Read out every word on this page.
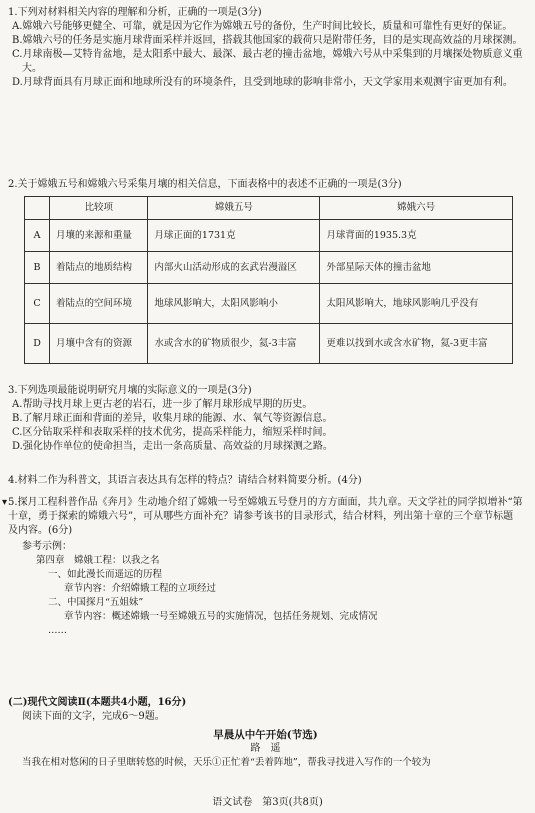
1.下列对材料相关内容的理解和分析，正确的一项是(3分)

A.嫦娥六号能够更健全、可靠，就是因为它作为嫦娥五号的备份，生产时间比较长，质量和可靠性有更好的保证。

B.嫦娥六号的任务是实施月球背面采样并返回，搭载其他国家的载荷只是附带任务，目的是实现高效益的月球探测。

C.月球南极—艾特肯盆地，是太阳系中最大、最深、最古老的撞击盆地，嫦娥六号从中采集到的月壤探处物质意义重大。

D.月球背面具有月球正面和地球所没有的环境条件，且受到地球的影响非常小，天文学家用来观测宇宙更加有利。

2.关于嫦娥五号和嫦娥六号采集月壤的相关信息，下面表格中的表述不正确的一项是(3分)

	比较项	嫦娥五号	嫦娥六号
A	月壤的来源和重量	月球正面的1731克	月球背面的1935.3克
B	着陆点的地质结构	内部火山活动形成的玄武岩漫溢区	外部星际天体的撞击盆地
C	着陆点的空间环境	地球风影响大，太阳风影响小	太阳风影响大，地球风影响几乎没有
D	月壤中含有的资源	水或含水的矿物质很少，氦-3丰富	更难以找到水或含水矿物，氦-3更丰富

3.下列选项最能说明研究月壤的实际意义的一项是(3分)

A.帮助寻找月球上更古老的岩石，进一步了解月球形成早期的历史。

B.了解月球正面和背面的差异，收集月球的能源、水、氧气等资源信息。

C.区分钻取采样和表取采样的技术优劣，提高采样能力，缩短采样时间。

D.强化协作单位的使命担当，走出一条高质量、高效益的月球探测之路。

4.材料二作为科普文，其语言表达具有怎样的特点？请结合材料简要分析。(4分)

▾ 5.探月工程科普作品《奔月》生动地介绍了嫦娥一号至嫦娥五号登月的方方面面，共九章。天文学社的同学拟增补“第十章，勇于探索的嫦娥六号”，可从哪些方面补充？请参考该书的目录形式，结合材料，列出第十章的三个章节标题及内容。(6分)

参考示例：

第四章　嫦娥工程：以我之名

一、如此漫长而遥远的历程

章节内容：介绍嫦娥工程的立项经过

二、中国探月“五姐妹”

章节内容：概述嫦娥一号至嫦娥五号的实施情况，包括任务规划、完成情况

……

(二)现代文阅读Ⅱ(本题共4小题，16分)

阅读下面的文字，完成6～9题。

早晨从中午开始(节选)

路　遥

当我在相对悠闲的日子里瞎转悠的时候，天乐①正忙着“丢着阵地”，帮我寻找进入写作的一个较为

语文试卷　第3页(共8页)
